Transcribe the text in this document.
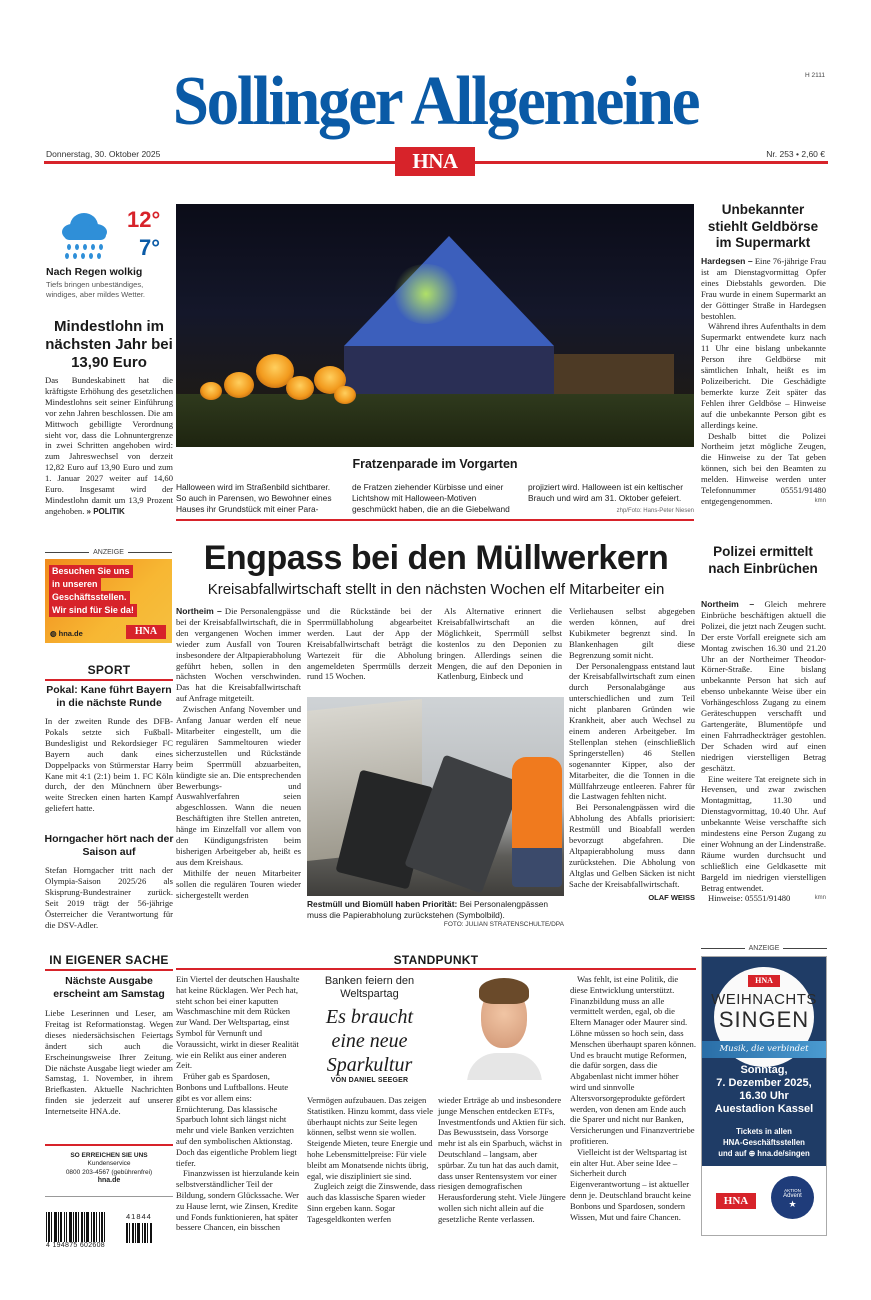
Sollinger Allgemeine	H 2111
Donnerstag, 30. Oktober 2025	Nr. 253 • 2,60 €
HNA
12°
7°
Nach Regen wolkig
Tiefs bringen unbeständiges, windiges, aber mildes Wetter.
Mindestlohn im nächsten Jahr bei 13,90 Euro
Das Bundeskabinett hat die kräftigste Erhöhung des gesetzlichen Mindestlohns seit seiner Einführung vor zehn Jahren beschlossen. Die am Mittwoch gebilligte Verordnung sieht vor, dass die Lohnuntergrenze in zwei Schritten angehoben wird: zum Jahreswechsel von derzeit 12,82 Euro auf 13,90 Euro und zum 1. Januar 2027 weiter auf 14,60 Euro. Insgesamt wird der Mindestlohn damit um 13,9 Prozent angehoben. » POLITIK
Fratzenparade im Vorgarten
Halloween wird im Straßenbild sichtbarer. So auch in Parensen, wo Bewohner eines Hauses ihr Grundstück mit einer Para-
de Fratzen ziehender Kürbisse und einer Lichtshow mit Halloween-Motiven geschmückt haben, die an die Giebelwand
projiziert wird. Halloween ist ein keltischer Brauch und wird am 31. Oktober gefeiert.
zhp/Foto: Hans-Peter Niesen
Unbekannter stiehlt Geldbörse im Supermarkt

Hardegsen – Eine 76-jährige Frau ist am Dienstagvormittag Opfer eines Diebstahls geworden. Die Frau wurde in einem Supermarkt an der Göttinger Straße in Hardegsen bestohlen.

Während ihres Aufenthalts in dem Supermarkt entwendete kurz nach 11 Uhr eine bislang unbekannte Person ihre Geldbörse mit sämtlichen Inhalt, heißt es im Polizeibericht. Die Geschädigte bemerkte kurze Zeit später das Fehlen ihrer Geldböse – Hinweise auf die unbekannte Person gibt es allerdings keine.

Deshalb bittet die Polizei Northeim jetzt mögliche Zeugen, die Hinweise zu der Tat geben können, sich bei den Beamten zu melden. Hinweise werden unter Telefonnummer 05551/91480 entgegengenommen.	kmn

ANZEIGE
Besuchen Sie uns
in unseren
Geschäftsstellen.
Wir sind für Sie da!
◍ hna.de	HNA
SPORT
Pokal: Kane führt Bayern in die nächste Runde
In der zweiten Runde des DFB-Pokals setzte sich Fußball-Bundesligist und Rekordsieger FC Bayern auch dank eines Doppelpacks von Stürmerstar Harry Kane mit 4:1 (2:1) beim 1. FC Köln durch, der den Münchnern über weite Strecken einen harten Kampf geliefert hatte.
Horngacher hört nach der Saison auf
Stefan Horngacher tritt nach der Olympia-Saison 2025/26 als Skisprung-Bundestrainer zurück. Seit 2019 trägt der 56-jährige Österreicher die Verantwortung für die DSV-Adler.
Engpass bei den Müllwerkern
Kreisabfallwirtschaft stellt in den nächsten Wochen elf Mitarbeiter ein

Northeim – Die Personalengpässe bei der Kreisabfallwirtschaft, die in den vergangenen Wochen immer wieder zum Ausfall von Touren insbesondere der Altpapierabholung geführt heben, sollen in den nächsten Wochen verschwinden. Das hat die Kreisabfallwirtschaft auf Anfrage mitgeteilt.

Zwischen Anfang November und Anfang Januar werden elf neue Mitarbeiter eingestellt, um die regulären Sammeltouren wieder sicherzustellen und Rückstände beim Sperrmüll abzuarbeiten, kündigte sie an. Die entsprechenden Bewerbungs- und Auswahlverfahren seien abgeschlossen. Wann die neuen Beschäftigten ihre Stellen antreten, hänge im Einzelfall vor allem von den Kündigungsfristen beim bisherigen Arbeitgeber ab, heißt es aus dem Kreishaus.

Mithilfe der neuen Mitarbeiter sollen die regulären Touren wieder sichergestellt werden

und die Rückstände bei der Sperrmüllabholung abgearbeitet werden. Laut der App der Kreisabfallwirtschaft beträgt die Wartezeit für die Abholung angemeldeten Sperrmülls derzeit rund 15 Wochen.

Als Alternative erinnert die Kreisabfallwirtschaft an die Möglichkeit, Sperrmüll selbst kostenlos zu den Deponien zu bringen. Allerdings seinen die Mengen, die auf den Deponien in Katlenburg, Einbeck und

Verliehausen selbst abgegeben werden können, auf drei Kubikmeter begrenzt sind. In Blankenhagen gilt diese Begrenzung somit nicht.

Der Personalengpass entstand laut der Kreisabfallwirtschaft zum einen durch Personalabgänge aus unterschiedlichen und zum Teil nicht planbaren Gründen wie Krankheit, aber auch Wechsel zu einem anderen Arbeitgeber. Im Stellenplan stehen (einschließlich Springerstellen) 46 Stellen sogenannter Kipper, also der Mitarbeiter, die die Tonnen in die Müllfahrzeuge entleeren. Fahrer für die Lastwagen fehlten nicht.

Bei Personalengpässen wird die Abholung des Abfalls priorisiert: Restmüll und Bioabfall werden bevorzugt abgefahren. Die Altpapierabholung muss dann zurückstehen. Die Abholung von Altglas und Gelben Säcken ist nicht Sache der Kreisabfallwirtschaft.

OLAF WEISS
Restmüll und Biomüll haben Priorität: Bei Personalengpässen muss die Papierabholung zurückstehen (Symbolbild).
FOTO: JULIAN STRATENSCHULTE/DPA
Polizei ermittelt nach Einbrüchen

Northeim – Gleich mehrere Einbrüche beschäftigen aktuell die Polizei, die jetzt nach Zeugen sucht. Der erste Vorfall ereignete sich am Montag zwischen 16.30 und 21.20 Uhr an der Northeimer Theodor-Körner-Straße. Eine bislang unbekannte Person hat sich auf ebenso unbekannte Weise über ein Vorhängeschloss Zugang zu einem Geräteschuppen verschafft und Gartengeräte, Blumentöpfe und einen Fahrradheckträger gestohlen. Der Schaden wird auf einen niedrigen vierstelligen Betrag geschätzt.

Eine weitere Tat ereignete sich in Hevensen, und zwar zwischen Montagmittag, 11.30 und Dienstagvormittag, 10.40 Uhr. Auf unbekannte Weise verschaffte sich mindestens eine Person Zugang zu einer Wohnung an der Lindenstraße. Räume wurden durchsucht und schließlich eine Geldkasette mit Bargeld im niedrigen vierstelligen Betrag entwendet.

Hinweise: 05551/91480	kmn

IN EIGENER SACHE
Nächste Ausgabe erscheint am Samstag
Liebe Leserinnen und Leser, am Freitag ist Reformationstag. Wegen dieses niedersächsischen Feiertags ändert sich auch die Erscheinungsweise Ihrer Zeitung. Die nächste Ausgabe liegt wieder am Samstag, 1. November, in ihrem Briefkasten. Aktuelle Nachrichten finden sie jederzeit auf unserer Internetseite HNA.de.
SO ERREICHEN SIE UNS
Kundenservice
0800 203-4567 (gebührenfrei)
hna.de
4 194875 602608
41844
STANDPUNKT

Ein Viertel der deutschen Haushalte hat keine Rücklagen. Wer Pech hat, steht schon bei einer kaputten Waschmaschine mit dem Rücken zur Wand. Der Weltspartag, einst Symbol für Vernunft und Voraussicht, wirkt in dieser Realität wie ein Relikt aus einer anderen Zeit.

Früher gab es Spardosen, Bonbons und Luftballons. Heute gibt es vor allem eins: Ernüchterung. Das klassische Sparbuch lohnt sich längst nicht mehr und viele Banken verzichten auf den symbolischen Aktionstag. Doch das eigentliche Problem liegt tiefer.

Finanzwissen ist hierzulande kein selbstverständlicher Teil der Bildung, sondern Glückssache. Wer zu Hause lernt, wie Zinsen, Kredite und Fonds funktionieren, hat später bessere Chancen, ein bisschen

Banken feiern den Weltspartag
Es braucht eine neue Sparkultur
VON DANIEL SEEGER

Vermögen aufzubauen. Das zeigen Statistiken. Hinzu kommt, dass viele überhaupt nichts zur Seite legen können, selbst wenn sie wollen. Steigende Mieten, teure Energie und hohe Lebensmittelpreise: Für viele bleibt am Monatsende nichts übrig, egal, wie diszipliniert sie sind.

Zugleich zeigt die Zinswende, dass auch das klassische Sparen wieder Sinn ergeben kann. Sogar Tagesgeldkonten werfen

wieder Erträge ab und insbesondere junge Menschen entdecken ETFs, Investmentfonds und Aktien für sich. Das Bewusstsein, dass Vorsorge mehr ist als ein Sparbuch, wächst in Deutschland – langsam, aber spürbar. Zu tun hat das auch damit, dass unser Rentensystem vor einer riesigen demografischen Herausforderung steht. Viele Jüngere wollen sich nicht allein auf die gesetzliche Rente verlassen.

Was fehlt, ist eine Politik, die diese Entwicklung unterstützt. Finanzbildung muss an alle vermittelt werden, egal, ob die Eltern Manager oder Maurer sind. Löhne müssen so hoch sein, dass Menschen überhaupt sparen können. Und es braucht mutige Reformen, die dafür sorgen, dass die Abgabenlast nicht immer höher wird und sinnvolle Altersvorsorgeprodukte gefördert werden, von denen am Ende auch die Sparer und nicht nur Banken, Versicherungen und Finanzvertriebe profitieren.

Vielleicht ist der Weltspartag ist ein alter Hut. Aber seine Idee – Sicherheit durch Eigenverantwortung – ist aktueller denn je. Deutschland braucht keine Bonbons und Spardosen, sondern Wissen, Mut und faire Chancen.

ANZEIGE
HNA
WEIHNACHTS
SINGEN
Musik, die verbindet
Sonntag,
7. Dezember 2025,
16.30 Uhr
Auestadion Kassel
Tickets in allen
HNA-Geschäftsstellen
und auf ⊕ hna.de/singen
HNA
AKTION
Advent
★
